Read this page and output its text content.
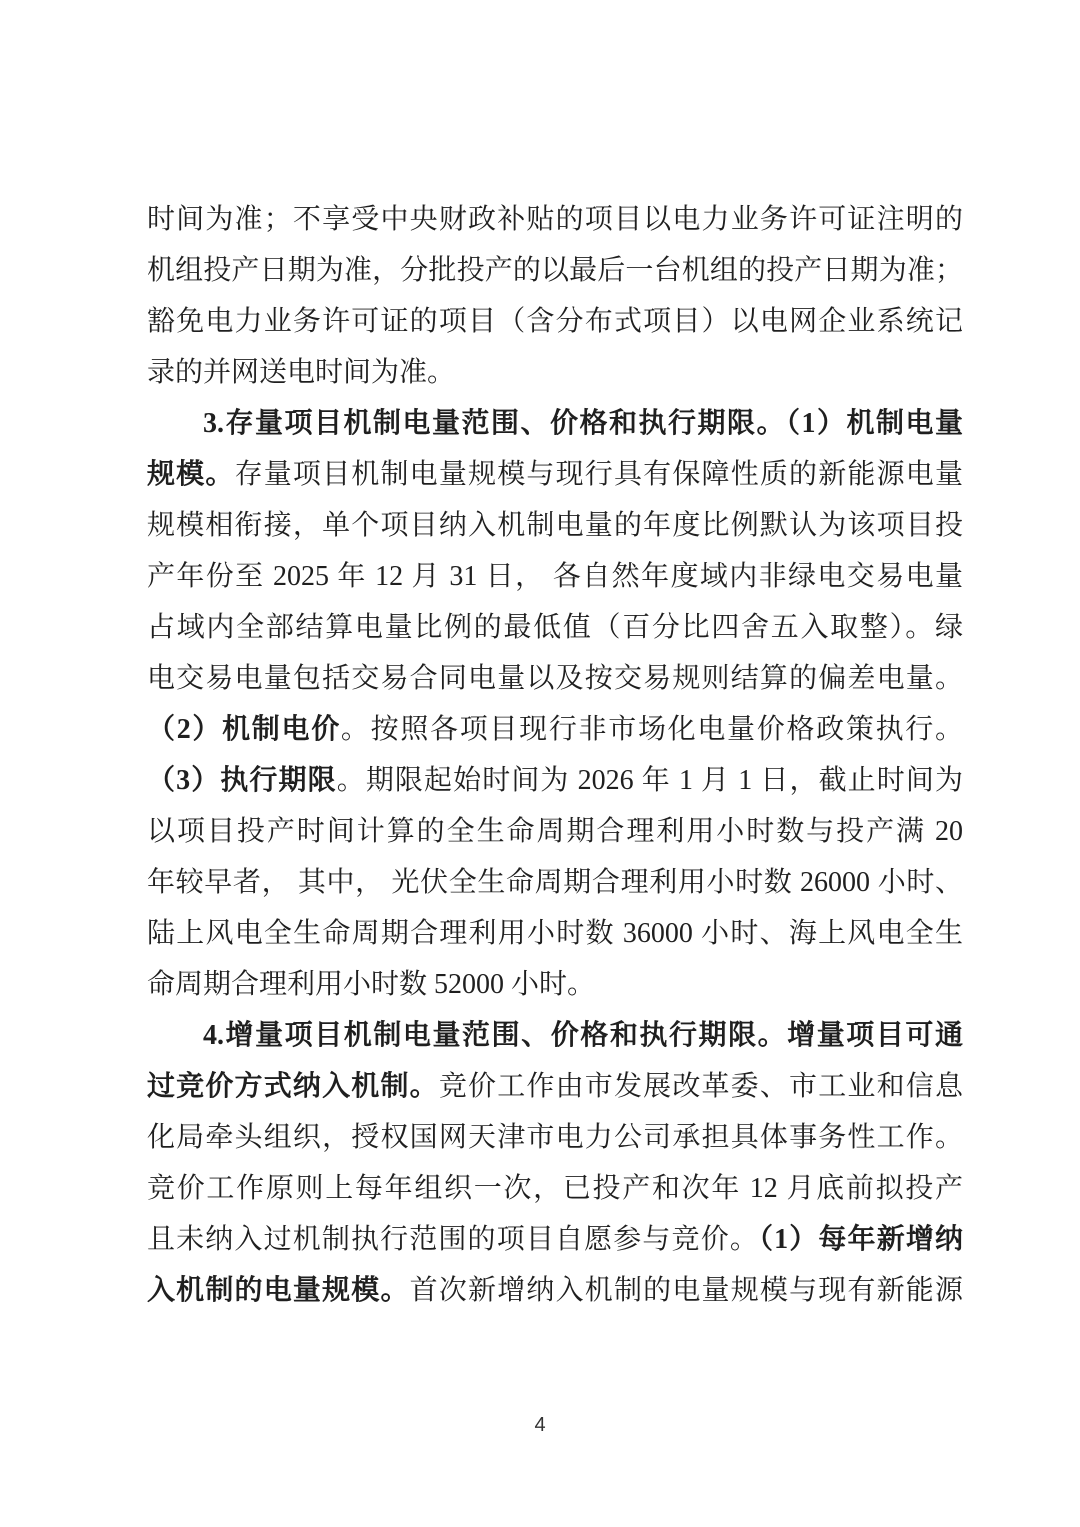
时间为准；不享受中央财政补贴的项目以电力业务许可证注明的
机组投产日期为准，分批投产的以最后一台机组的投产日期为准；
豁免电力业务许可证的项目（含分布式项目）以电网企业系统记
录的并网送电时间为准。
3.存量项目机制电量范围、价格和执行期限。（1）机制电量
规模。存量项目机制电量规模与现行具有保障性质的新能源电量
规模相衔接，单个项目纳入机制电量的年度比例默认为该项目投
产年份至 2025 年 12 月 31 日， 各自然年度域内非绿电交易电量
占域内全部结算电量比例的最低值（百分比四舍五入取整）。绿
电交易电量包括交易合同电量以及按交易规则结算的偏差电量。
（2）机制电价。按照各项目现行非市场化电量价格政策执行。
（3）执行期限。期限起始时间为 2026 年 1 月 1 日，截止时间为
以项目投产时间计算的全生命周期合理利用小时数与投产满 20
年较早者， 其中， 光伏全生命周期合理利用小时数 26000 小时、
陆上风电全生命周期合理利用小时数 36000 小时、海上风电全生
命周期合理利用小时数 52000 小时。
4.增量项目机制电量范围、价格和执行期限。增量项目可通
过竞价方式纳入机制。竞价工作由市发展改革委、市工业和信息
化局牵头组织，授权国网天津市电力公司承担具体事务性工作。
竞价工作原则上每年组织一次，已投产和次年 12 月底前拟投产
且未纳入过机制执行范围的项目自愿参与竞价。（1）每年新增纳
入机制的电量规模。首次新增纳入机制的电量规模与现有新能源
4
